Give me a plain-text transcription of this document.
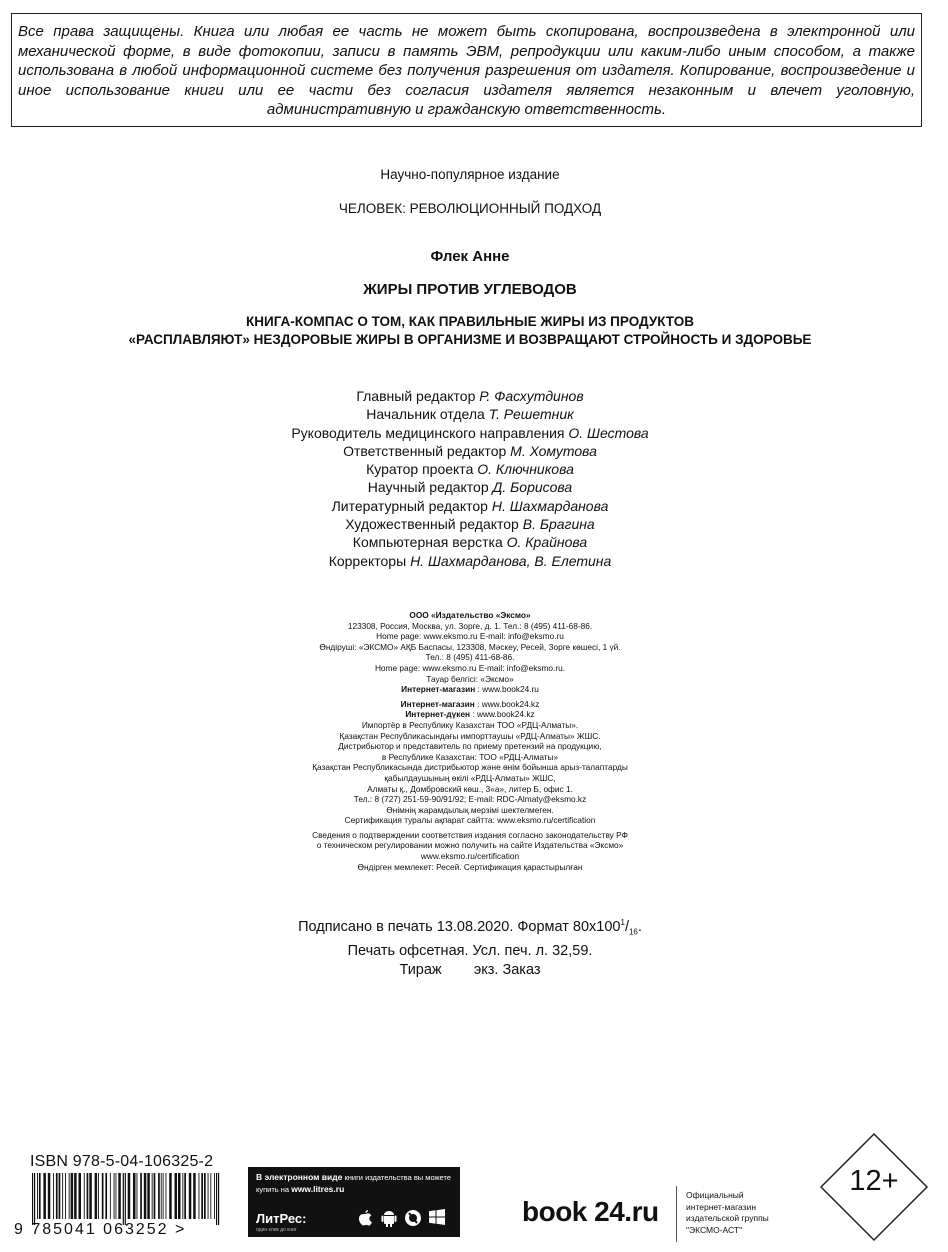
Все права защищены. Книга или любая ее часть не может быть скопирована, воспроизведена в электронной или механической форме, в виде фотокопии, записи в память ЭВМ, репродукции или каким-либо иным способом, а также использована в любой информационной системе без получения разрешения от издателя. Копирование, воспроизведение и иное использование книги или ее части без согласия издателя является незаконным и влечет уголовную, административную и гражданскую ответственность.
Научно-популярное издание
ЧЕЛОВЕК: РЕВОЛЮЦИОННЫЙ ПОДХОД
Флек Анне
ЖИРЫ ПРОТИВ УГЛЕВОДОВ
КНИГА-КОМПАС О ТОМ, КАК ПРАВИЛЬНЫЕ ЖИРЫ ИЗ ПРОДУКТОВ
«РАСПЛАВЛЯЮТ» НЕЗДОРОВЫЕ ЖИРЫ В ОРГАНИЗМЕ И ВОЗВРАЩАЮТ СТРОЙНОСТЬ И ЗДОРОВЬЕ
Главный редактор Р. Фасхутдинов
Начальник отдела Т. Решетник
Руководитель медицинского направления О. Шестова
Ответственный редактор М. Хомутова
Куратор проекта О. Ключникова
Научный редактор Д. Борисова
Литературный редактор Н. Шахмарданова
Художественный редактор В. Брагина
Компьютерная верстка О. Крайнова
Корректоры Н. Шахмарданова, В. Елетина
ООО «Издательство «Эксмо»
123308, Россия, Москва, ул. Зорге, д. 1. Тел.: 8 (495) 411-68-86.
Home page: www.eksmo.ru E-mail: info@eksmo.ru
Өндіруші: «ЭКСМО» АҚБ Баспасы, 123308, Мәскеу, Ресей, Зорге көшесі, 1 үй.
Тел.: 8 (495) 411-68-86.
Home page: www.eksmo.ru E-mail: info@eksmo.ru.
Тауар белгісі: «Эксмо»
Интернет-магазин : www.book24.ru
Интернет-магазин : www.book24.kz
Интернет-дүкен : www.book24.kz
Импортёр в Республику Казахстан ТОО «РДЦ-Алматы».
Қазақстан Республикасындағы импорттаушы «РДЦ-Алматы» ЖШС.
Дистрибьютор и представитель по приему претензий на продукцию,
в Республике Казахстан: ТОО «РДЦ-Алматы»
Қазақстан Республикасында дистрибьютор және өнім бойынша арыз-талаптарды
қабылдаушының өкілі «РДЦ-Алматы» ЖШС,
Алматы қ., Домбровский көш., 3«а», литер Б, офис 1.
Тел.: 8 (727) 251-59-90/91/92; E-mail: RDC-Almaty@eksmo.kz
Өнімнің жарамдылық мерзімі шектелмеген.
Сертификация туралы ақпарат сайтта: www.eksmo.ru/certification
Сведения о подтверждении соответствия издания согласно законодательству РФ
о техническом регулировании можно получить на сайте Издательства «Эксмо»
www.eksmo.ru/certification
Өндірген мемлекет: Ресей. Сертификация қарастырылған
Подписано в печать 13.08.2020. Формат $80x100^1/_{16}$.
Печать офсетная. Усл. печ. л. 32,59.
Тираж        экз. Заказ
ISBN 978-5-04-106325-2
9 785041 063252 >
В электронном виде книги издательства вы можете
купить на www.litres.ru
ЛитРес:
один клик до книг
book 24.ru
Официальный
интернет-магазин
издательской группы
"ЭКСМО-АСТ"
12+
